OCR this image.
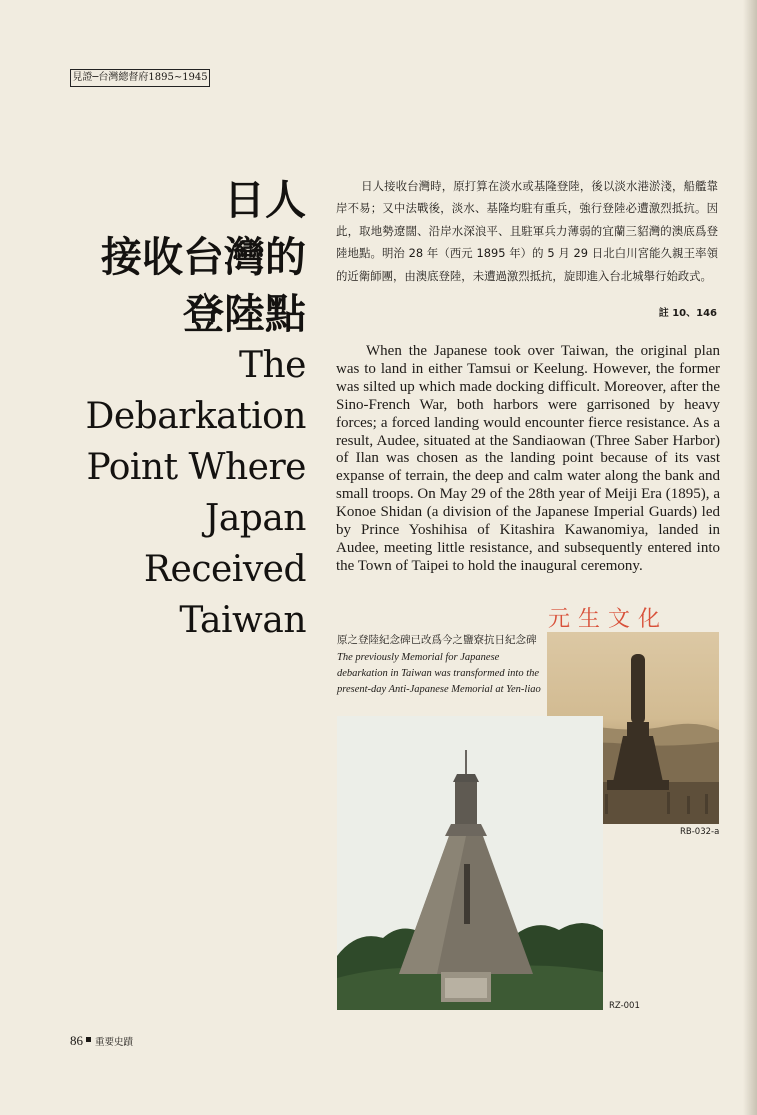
見證─台灣總督府1895∼1945
日人
接收台灣的
登陸點
The
Debarkation
Point Where
Japan
Received
Taiwan

日人接收台灣時，原打算在淡水或基隆登陸，後以淡水港淤淺，船艦靠岸不易；又中法戰後，淡水、基隆均駐有重兵，強行登陸必遭激烈抵抗。因此，取地勢遼闊、沿岸水深浪平、且駐軍兵力薄弱的宜蘭三貂灣的澳底爲登陸地點。明治 28 年（西元 1895 年）的 5 月 29 日北白川宮能久親王率領的近衛師團，由澳底登陸，未遭過激烈抵抗，旋即進入台北城舉行始政式。

註 10、146

When the Japanese took over Taiwan, the original plan was to land in either Tamsui or Keelung. However, the former was silted up which made docking difficult. Moreover, after the Sino-French War, both harbors were garrisoned by heavy forces; a forced landing would encounter fierce resistance. As a result, Audee, situated at the Sandiaowan (Three Saber Harbor) of Ilan was chosen as the landing point because of its vast expanse of terrain, the deep and calm water along the bank and small troops. On May 29 of the 28th year of Meiji Era (1895), a Konoe Shidan (a division of the Japanese Imperial Guards) led by Prince Yoshihisa of Kitashira Kawanomiya, landed in Audee, meeting little resistance, and subsequently entered into the Town of Taipei to hold the inaugural ceremony.

元生文化
原之登陸紀念碑已改爲今之鹽寮抗日紀念碑
The previously Memorial for Japanese debarkation in Taiwan was transformed into the present-day Anti-Japanese Memorial at Yen-liao
RB-032-a
RZ-001
86 重要史蹟
